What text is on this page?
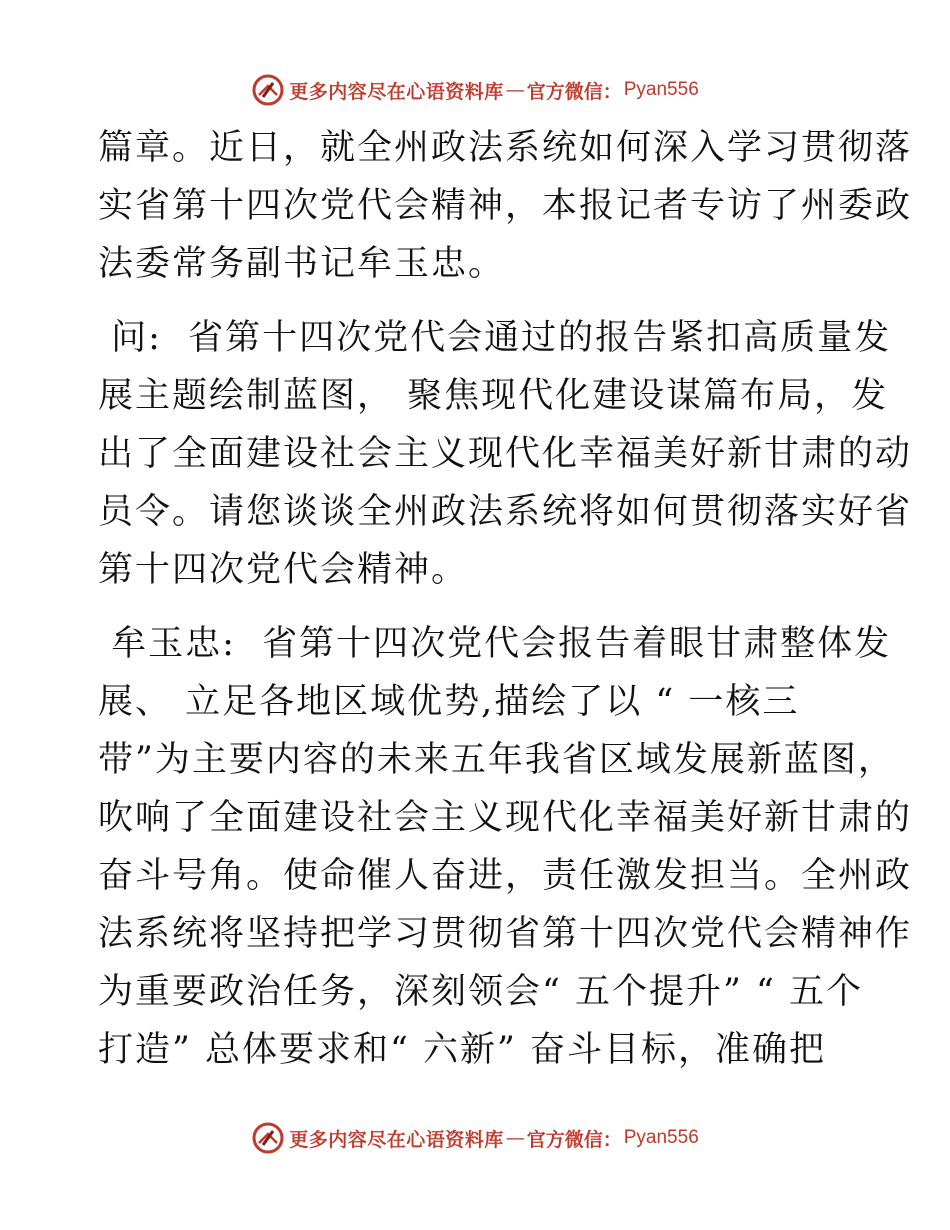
更多内容尽在心语资料库 — 官方微信： Pyan556
篇章。近日，就全州政法系统如何深入学习贯彻落
实省第十四次党代会精神，本报记者专访了州委政
法委常务副书记牟玉忠。
问:  省第十四次党代会通过的报告紧扣高质量发
展主题绘制蓝图， 聚焦现代化建设谋篇布局，发
出了全面建设社会主义现代化幸福美好新甘肃的动
员令。请您谈谈全州政法系统将如何贯彻落实好省
第十四次党代会精神。
牟玉忠:  省第十四次党代会报告着眼甘肃整体发
展、 立足各地区域优势,描绘了以 “ 一核三
带”为主要内容的未来五年我省区域发展新蓝图，
吹响了全面建设社会主义现代化幸福美好新甘肃的
奋斗号角。使命催人奋进，责任激发担当。全州政
法系统将坚持把学习贯彻省第十四次党代会精神作
为重要政治任务，深刻领会“ 五个提升” “ 五个
打造” 总体要求和“ 六新” 奋斗目标，准确把
更多内容尽在心语资料库 — 官方微信： Pyan556
